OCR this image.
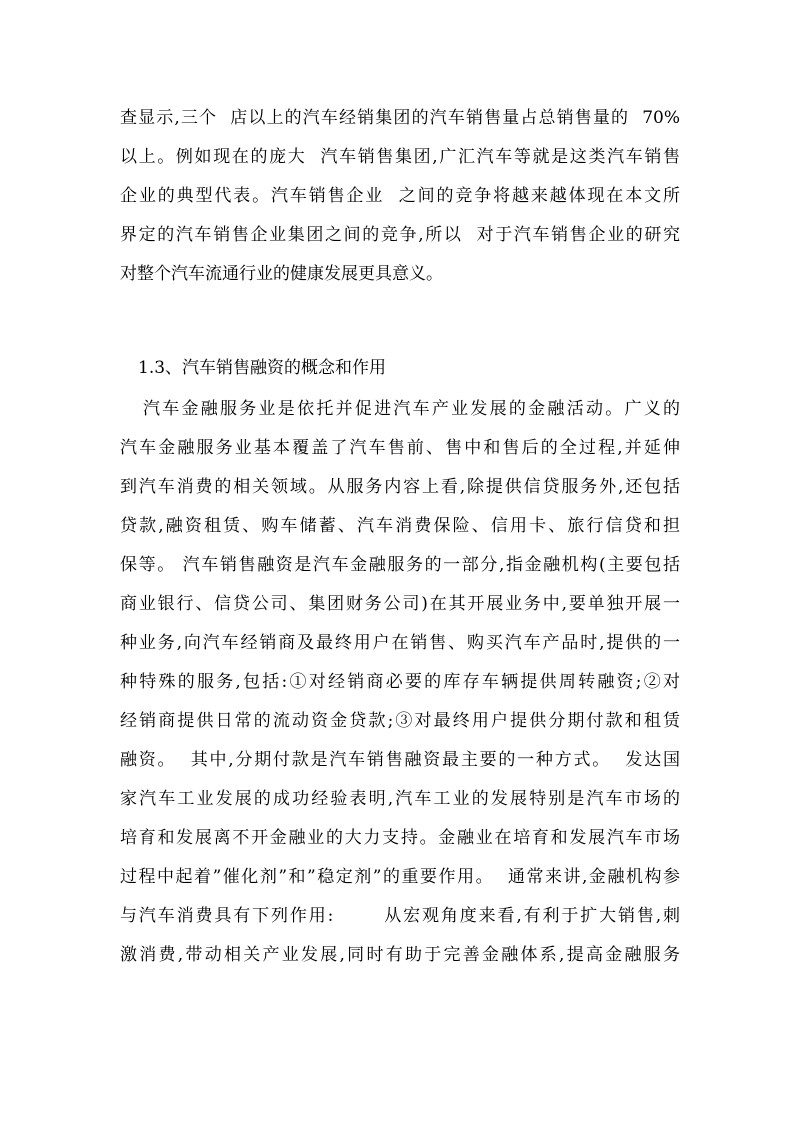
查显示,三个  店以上的汽车经销集团的汽车销售量占总销售量的  70%
以上。例如现在的庞大  汽车销售集团,广汇汽车等就是这类汽车销售
企业的典型代表。汽车销售企业  之间的竞争将越来越体现在本文所
界定的汽车销售企业集团之间的竞争,所以  对于汽车销售企业的研究
对整个汽车流通行业的健康发展更具意义。
1.3、汽车销售融资的概念和作用
汽车金融服务业是依托并促进汽车产业发展的金融活动。广义的
汽车金融服务业基本覆盖了汽车售前、售中和售后的全过程,并延伸
到汽车消费的相关领域。从服务内容上看,除提供信贷服务外,还包括
贷款,融资租赁、购车储蓄、汽车消费保险、信用卡、旅行信贷和担
保等。 汽车销售融资是汽车金融服务的一部分,指金融机构(主要包括
商业银行、信贷公司、集团财务公司)在其开展业务中,要单独开展一
种业务,向汽车经销商及最终用户在销售、购买汽车产品时,提供的一
种特殊的服务,包括:①对经销商必要的库存车辆提供周转融资;②对
经销商提供日常的流动资金贷款;③对最终用户提供分期付款和租赁
融资。  其中,分期付款是汽车销售融资最主要的一种方式。  发达国
家汽车工业发展的成功经验表明,汽车工业的发展特别是汽车市场的
培育和发展离不开金融业的大力支持。金融业在培育和发展汽车市场
过程中起着”催化剂”和”稳定剂”的重要作用。  通常来讲,金融机构参
与汽车消费具有下列作用:       从宏观角度来看,有利于扩大销售,刺
激消费,带动相关产业发展,同时有助于完善金融体系,提高金融服务
